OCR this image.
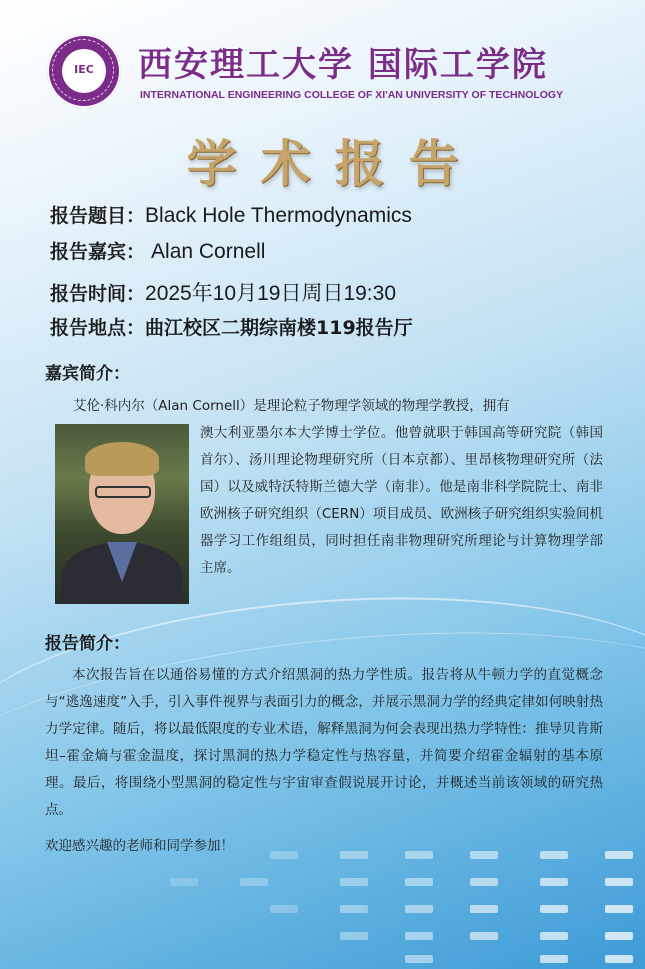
IEC	西安理工大学 国际工学院
INTERNATIONAL ENGINEERING COLLEGE OF XI'AN UNIVERSITY OF TECHNOLOGY
学术报告
报告题目：Black Hole Thermodynamics
报告嘉宾： Alan Cornell
报告时间：2025年10月19日周日19:30
报告地点：曲江校区二期综南楼119报告厅
嘉宾简介：
艾伦·科内尔（Alan Cornell）是理论粒子物理学领域的物理学教授，拥有
澳大利亚墨尔本大学博士学位。他曾就职于韩国高等研究院（韩国首尔）、汤川理论物理研究所（日本京都）、里昂核物理研究所（法国）以及威特沃特斯兰德大学（南非）。他是南非科学院院士、南非欧洲核子研究组织（CERN）项目成员、欧洲核子研究组织实验间机器学习工作组组员，同时担任南非物理研究所理论与计算物理学部主席。
报告简介：
本次报告旨在以通俗易懂的方式介绍黑洞的热力学性质。报告将从牛顿力学的直觉概念与“逃逸速度”入手，引入事件视界与表面引力的概念，并展示黑洞力学的经典定律如何映射热力学定律。随后，将以最低限度的专业术语，解释黑洞为何会表现出热力学特性：推导贝肯斯坦–霍金熵与霍金温度，探讨黑洞的热力学稳定性与热容量，并简要介绍霍金辐射的基本原理。最后，将围绕小型黑洞的稳定性与宇宙审查假说展开讨论，并概述当前该领域的研究热点。
欢迎感兴趣的老师和同学参加！
